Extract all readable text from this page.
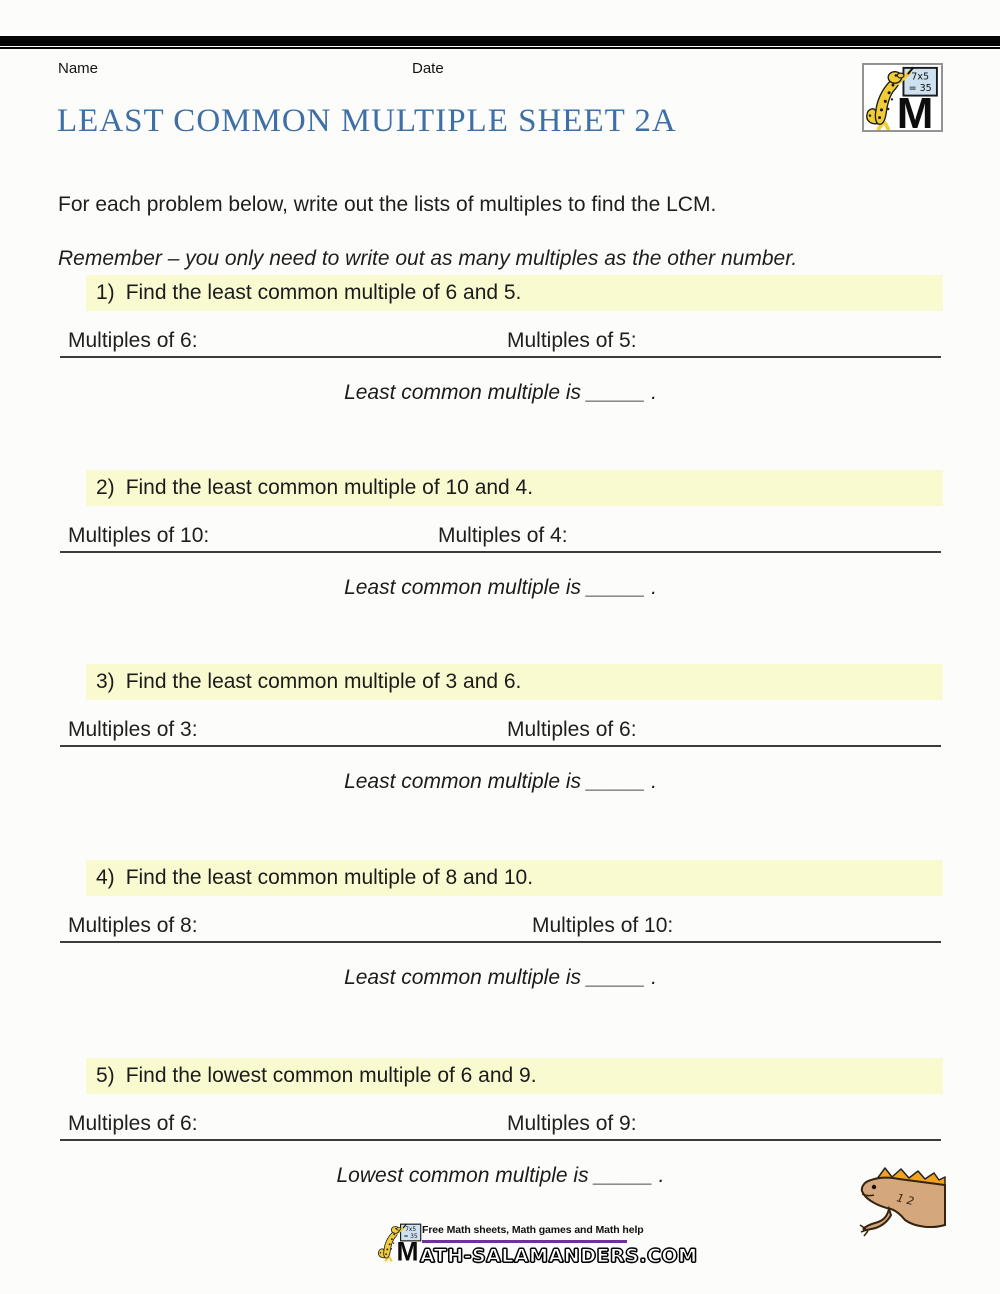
Name	Date
LEAST COMMON MULTIPLE SHEET 2A

For each problem below, write out the lists of multiples to find the LCM.

Remember – you only need to write out as many multiples as the other number.

1) Find the least common multiple of 6 and 5.
Multiples of 6:	Multiples of 5:
Least common multiple is _____ .
2) Find the least common multiple of 10 and 4.
Multiples of 10:	Multiples of 4:
Least common multiple is _____ .
3) Find the least common multiple of 3 and 6.
Multiples of 3:	Multiples of 6:
Least common multiple is _____ .
4) Find the least common multiple of 8 and 10.
Multiples of 8:	Multiples of 10:
Least common multiple is _____ .
5) Find the lowest common multiple of 6 and 9.
Multiples of 6:	Multiples of 9:
Lowest common multiple is _____ .
Free Math sheets, Math games and Math help
ATH-SALAMANDERS.COM
1 2
